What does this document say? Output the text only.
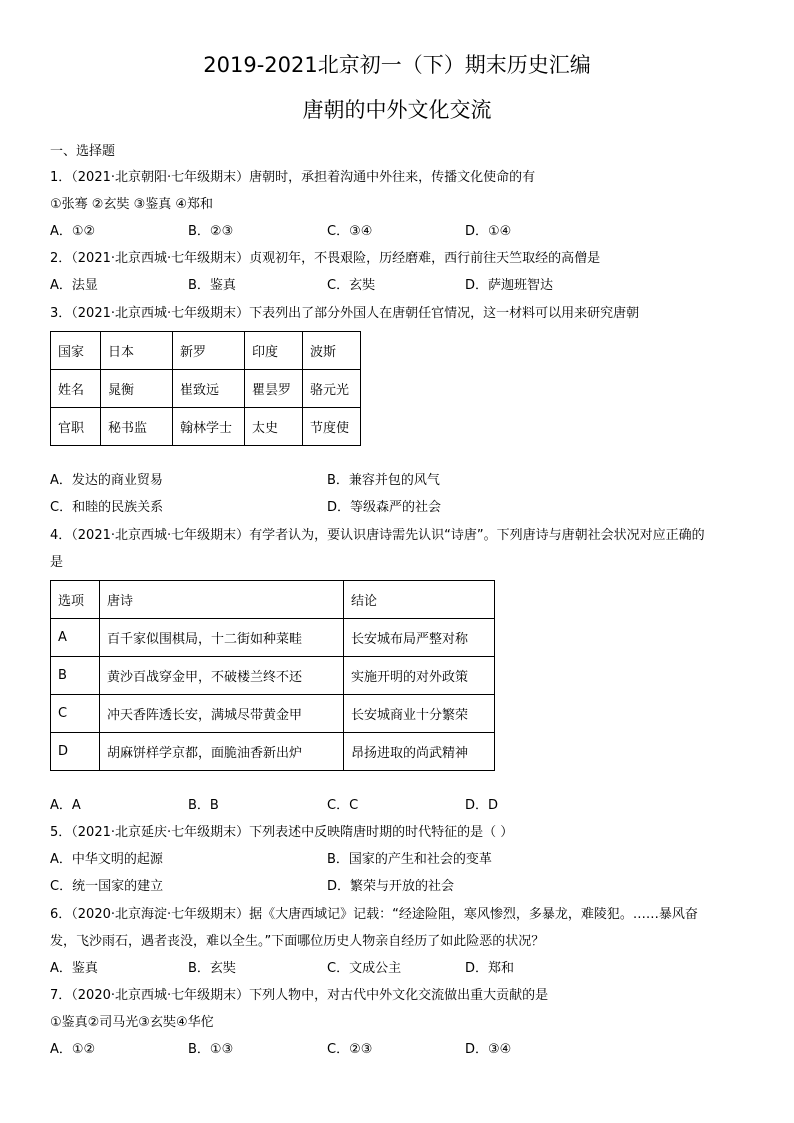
2019-2021北京初一（下）期末历史汇编
唐朝的中外文化交流
一、选择题
1．（2021·北京朝阳·七年级期末）唐朝时，承担着沟通中外往来，传播文化使命的有
①张骞 ②玄奘 ③鉴真 ④郑和
A．①②	B．②③	C．③④	D．①④
2．（2021·北京西城·七年级期末）贞观初年，不畏艰险，历经磨难，西行前往天竺取经的高僧是
A．法显	B．鉴真	C．玄奘	D．萨迦班智达
3．（2021·北京西城·七年级期末）下表列出了部分外国人在唐朝任官情况，这一材料可以用来研究唐朝
国家	日本	新罗	印度	波斯
姓名	晁衡	崔致远	瞿昙罗	骆元光
官职	秘书监	翰林学士	太史	节度使
A．发达的商业贸易	B．兼容并包的风气
C．和睦的民族关系	D．等级森严的社会
4．（2021·北京西城·七年级期末）有学者认为，要认识唐诗需先认识“诗唐”。下列唐诗与唐朝社会状况对应正确的
是
选项	唐诗	结论
A	百千家似围棋局，十二街如种菜畦	长安城布局严整对称
B	黄沙百战穿金甲，不破楼兰终不还	实施开明的对外政策
C	冲天香阵透长安，满城尽带黄金甲	长安城商业十分繁荣
D	胡麻饼样学京都，面脆油香新出炉	昂扬进取的尚武精神
A．A	B．B	C．C	D．D
5．（2021·北京延庆·七年级期末）下列表述中反映隋唐时期的时代特征的是（ ）
A．中华文明的起源	B．国家的产生和社会的变革
C．统一国家的建立	D．繁荣与开放的社会
6．（2020·北京海淀·七年级期末）据《大唐西域记》记载：“经途险阻，寒风惨烈，多暴龙，难陵犯。……暴风奋
发，飞沙雨石，遇者丧没，难以全生。”下面哪位历史人物亲自经历了如此险恶的状况？
A．鉴真	B．玄奘	C．文成公主	D．郑和
7．（2020·北京西城·七年级期末）下列人物中，对古代中外文化交流做出重大贡献的是
①鉴真②司马光③玄奘④华佗
A．①②	B．①③	C．②③	D．③④
